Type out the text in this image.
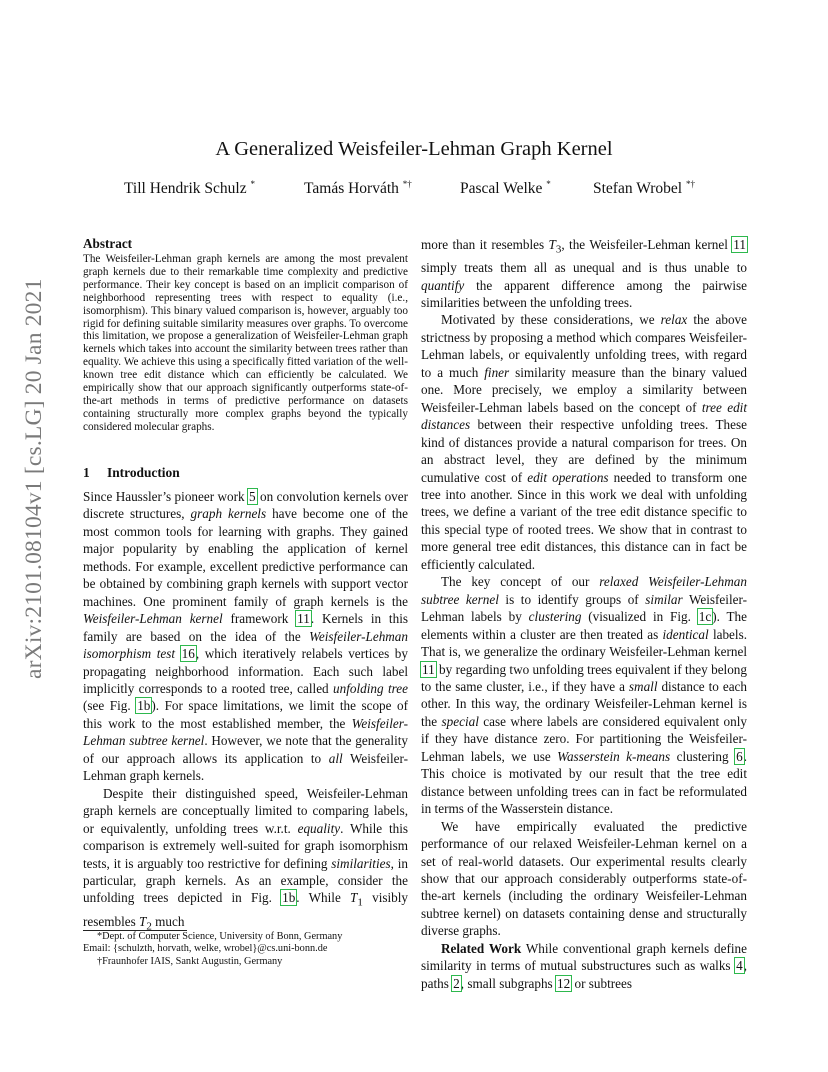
arXiv:2101.08104v1 [cs.LG] 20 Jan 2021
A Generalized Weisfeiler-Lehman Graph Kernel
Till Hendrik Schulz *	Tamás Horváth *†	Pascal Welke *	Stefan Wrobel *†
Abstract
The Weisfeiler-Lehman graph kernels are among the most prevalent graph kernels due to their remarkable time complexity and predictive performance. Their key concept is based on an implicit comparison of neighborhood representing trees with respect to equality (i.e., isomorphism). This binary valued comparison is, however, arguably too rigid for defining suitable similarity measures over graphs. To overcome this limitation, we propose a generalization of Weisfeiler-Lehman graph kernels which takes into account the similarity between trees rather than equality. We achieve this using a specifically fitted variation of the well-known tree edit distance which can efficiently be calculated. We empirically show that our approach significantly outperforms state-of-the-art methods in terms of predictive performance on datasets containing structurally more complex graphs beyond the typically considered molecular graphs.
1 Introduction

Since Haussler’s pioneer work 5 on convolution kernels over discrete structures, graph kernels have become one of the most common tools for learning with graphs. They gained major popularity by enabling the application of kernel methods. For example, excellent predictive performance can be obtained by combining graph kernels with support vector machines. One prominent family of graph kernels is the Weisfeiler-Lehman kernel framework 11. Kernels in this family are based on the idea of the Weisfeiler-Lehman isomorphism test 16, which iteratively relabels vertices by propagating neighborhood information. Each such label implicitly corresponds to a rooted tree, called unfolding tree (see Fig. 1b). For space limitations, we limit the scope of this work to the most established member, the Weisfeiler-Lehman subtree kernel. However, we note that the generality of our approach allows its application to all Weisfeiler-Lehman graph kernels.

Despite their distinguished speed, Weisfeiler-Lehman graph kernels are conceptually limited to comparing labels, or equivalently, unfolding trees w.r.t. equality. While this comparison is extremely well-suited for graph isomorphism tests, it is arguably too restrictive for defining similarities, in particular, graph kernels. As an example, consider the unfolding trees depicted in Fig. 1b. While $T_1$ visibly resembles $T_2$ much

more than it resembles $T_3$, the Weisfeiler-Lehman kernel 11 simply treats them all as unequal and is thus unable to quantify the apparent difference among the pairwise similarities between the unfolding trees.

Motivated by these considerations, we relax the above strictness by proposing a method which compares Weisfeiler-Lehman labels, or equivalently unfolding trees, with regard to a much finer similarity measure than the binary valued one. More precisely, we employ a similarity between Weisfeiler-Lehman labels based on the concept of tree edit distances between their respective unfolding trees. These kind of distances provide a natural comparison for trees. On an abstract level, they are defined by the minimum cumulative cost of edit operations needed to transform one tree into another. Since in this work we deal with unfolding trees, we define a variant of the tree edit distance specific to this special type of rooted trees. We show that in contrast to more general tree edit distances, this distance can in fact be efficiently calculated.

The key concept of our relaxed Weisfeiler-Lehman subtree kernel is to identify groups of similar Weisfeiler-Lehman labels by clustering (visualized in Fig. 1c). The elements within a cluster are then treated as identical labels. That is, we generalize the ordinary Weisfeiler-Lehman kernel 11 by regarding two unfolding trees equivalent if they belong to the same cluster, i.e., if they have a small distance to each other. In this way, the ordinary Weisfeiler-Lehman kernel is the special case where labels are considered equivalent only if they have distance zero. For partitioning the Weisfeiler-Lehman labels, we use Wasserstein k-means clustering 6. This choice is motivated by our result that the tree edit distance between unfolding trees can in fact be reformulated in terms of the Wasserstein distance.

We have empirically evaluated the predictive performance of our relaxed Weisfeiler-Lehman kernel on a set of real-world datasets. Our experimental results clearly show that our approach considerably outperforms state-of-the-art kernels (including the ordinary Weisfeiler-Lehman subtree kernel) on datasets containing dense and structurally diverse graphs.

Related Work While conventional graph kernels define similarity in terms of mutual substructures such as walks 4, paths 2, small subgraphs 12 or subtrees

*Dept. of Computer Science, University of Bonn, Germany
Email: {schulzth, horvath, welke, wrobel}@cs.uni-bonn.de
†Fraunhofer IAIS, Sankt Augustin, Germany
